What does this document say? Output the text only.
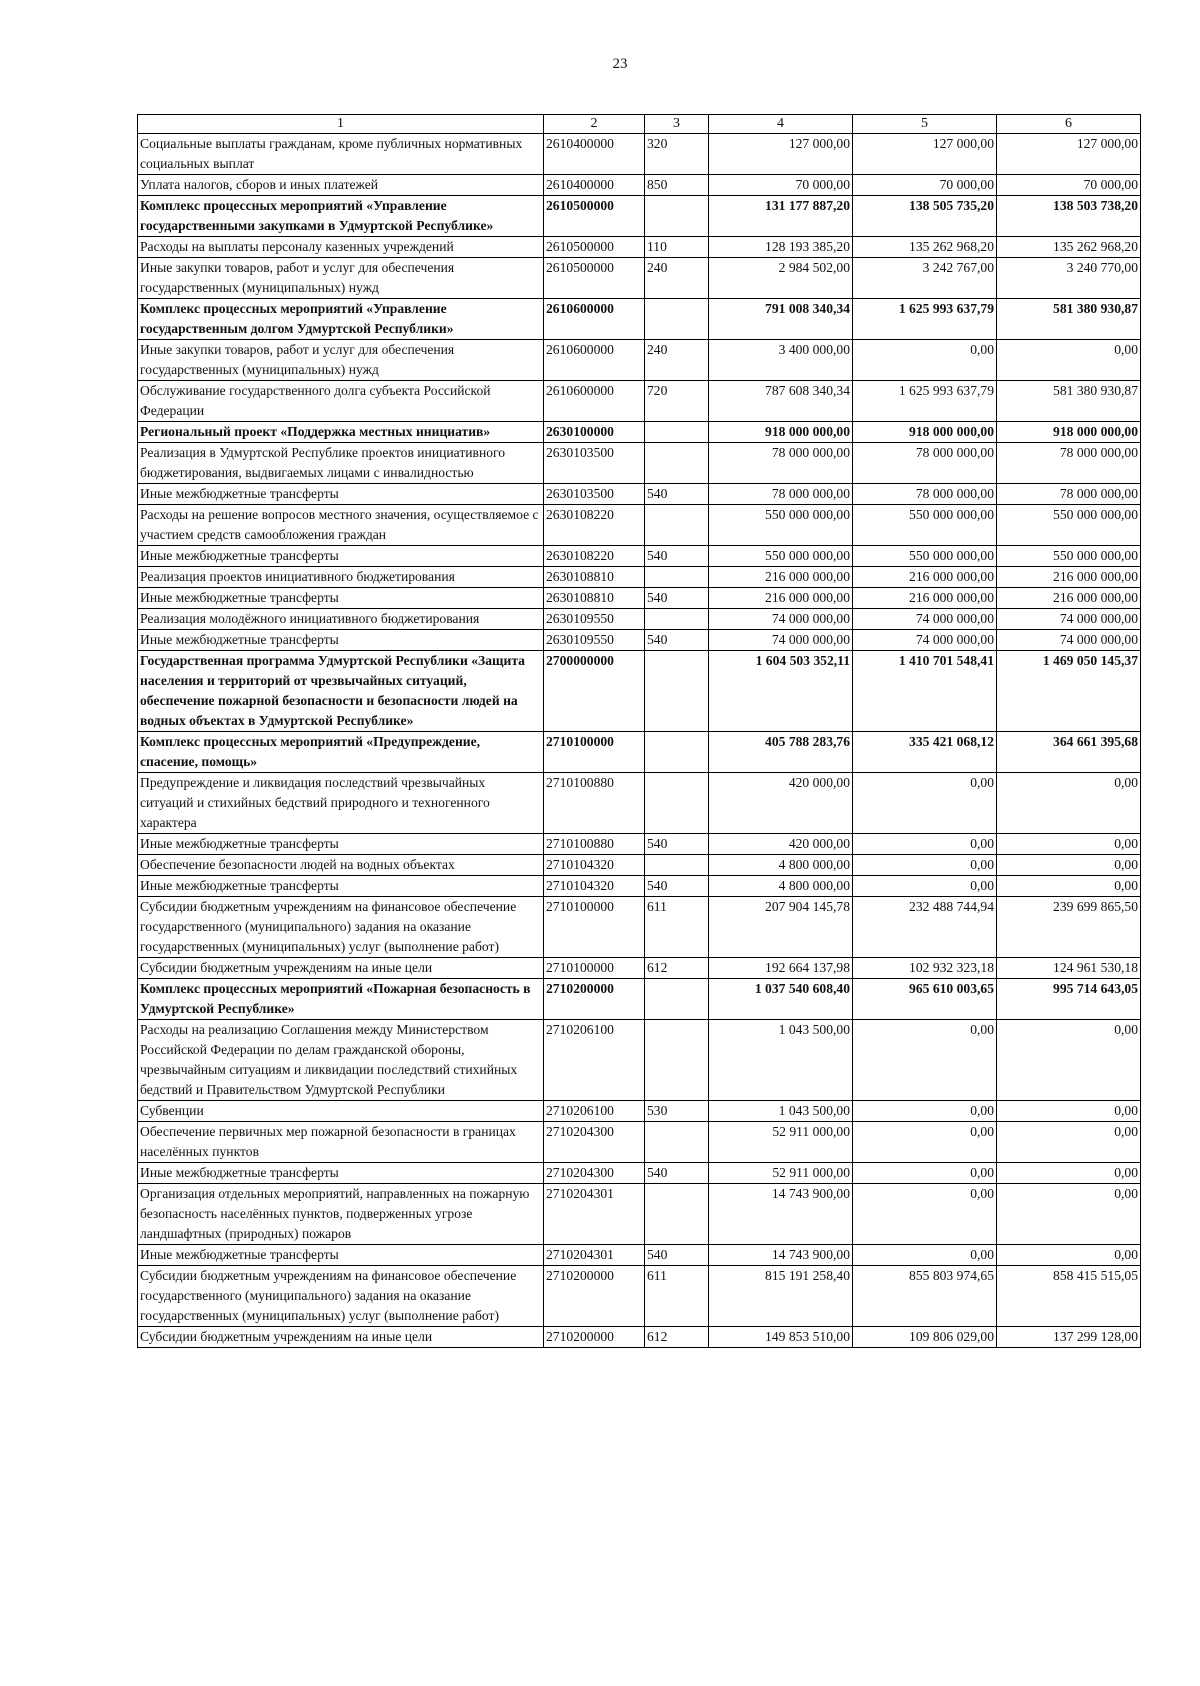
23
1	2	3	4	5	6
Социальные выплаты гражданам, кроме публичных нормативных социальных выплат	2610400000	320	127 000,00	127 000,00	127 000,00
Уплата налогов, сборов и иных платежей	2610400000	850	70 000,00	70 000,00	70 000,00
Комплекс процессных мероприятий «Управление государственными закупками в Удмуртской Республике»	2610500000		131 177 887,20	138 505 735,20	138 503 738,20
Расходы на выплаты персоналу казенных учреждений	2610500000	110	128 193 385,20	135 262 968,20	135 262 968,20
Иные закупки товаров, работ и услуг для обеспечения государственных (муниципальных) нужд	2610500000	240	2 984 502,00	3 242 767,00	3 240 770,00
Комплекс процессных мероприятий «Управление государственным долгом Удмуртской Республики»	2610600000		791 008 340,34	1 625 993 637,79	581 380 930,87
Иные закупки товаров, работ и услуг для обеспечения государственных (муниципальных) нужд	2610600000	240	3 400 000,00	0,00	0,00
Обслуживание государственного долга субъекта Российской Федерации	2610600000	720	787 608 340,34	1 625 993 637,79	581 380 930,87
Региональный проект «Поддержка местных инициатив»	2630100000		918 000 000,00	918 000 000,00	918 000 000,00
Реализация в Удмуртской Республике проектов инициативного бюджетирования, выдвигаемых лицами с инвалидностью	2630103500		78 000 000,00	78 000 000,00	78 000 000,00
Иные межбюджетные трансферты	2630103500	540	78 000 000,00	78 000 000,00	78 000 000,00
Расходы на решение вопросов местного значения, осуществляемое с участием средств самообложения граждан	2630108220		550 000 000,00	550 000 000,00	550 000 000,00
Иные межбюджетные трансферты	2630108220	540	550 000 000,00	550 000 000,00	550 000 000,00
Реализация проектов инициативного бюджетирования	2630108810		216 000 000,00	216 000 000,00	216 000 000,00
Иные межбюджетные трансферты	2630108810	540	216 000 000,00	216 000 000,00	216 000 000,00
Реализация молодёжного инициативного бюджетирования	2630109550		74 000 000,00	74 000 000,00	74 000 000,00
Иные межбюджетные трансферты	2630109550	540	74 000 000,00	74 000 000,00	74 000 000,00
Государственная программа Удмуртской Республики «Защита населения и территорий от чрезвычайных ситуаций, обеспечение пожарной безопасности и безопасности людей на водных объектах в Удмуртской Республике»	2700000000		1 604 503 352,11	1 410 701 548,41	1 469 050 145,37
Комплекс процессных мероприятий «Предупреждение, спасение, помощь»	2710100000		405 788 283,76	335 421 068,12	364 661 395,68
Предупреждение и ликвидация последствий чрезвычайных ситуаций и стихийных бедствий природного и техногенного характера	2710100880		420 000,00	0,00	0,00
Иные межбюджетные трансферты	2710100880	540	420 000,00	0,00	0,00
Обеспечение безопасности людей на водных объектах	2710104320		4 800 000,00	0,00	0,00
Иные межбюджетные трансферты	2710104320	540	4 800 000,00	0,00	0,00
Субсидии бюджетным учреждениям на финансовое обеспечение государственного (муниципального) задания на оказание государственных (муниципальных) услуг (выполнение работ)	2710100000	611	207 904 145,78	232 488 744,94	239 699 865,50
Субсидии бюджетным учреждениям на иные цели	2710100000	612	192 664 137,98	102 932 323,18	124 961 530,18
Комплекс процессных мероприятий «Пожарная безопасность в Удмуртской Республике»	2710200000		1 037 540 608,40	965 610 003,65	995 714 643,05
Расходы на реализацию Соглашения между Министерством Российской Федерации по делам гражданской обороны, чрезвычайным ситуациям и ликвидации последствий стихийных бедствий и Правительством Удмуртской Республики	2710206100		1 043 500,00	0,00	0,00
Субвенции	2710206100	530	1 043 500,00	0,00	0,00
Обеспечение первичных мер пожарной безопасности в границах населённых пунктов	2710204300		52 911 000,00	0,00	0,00
Иные межбюджетные трансферты	2710204300	540	52 911 000,00	0,00	0,00
Организация отдельных мероприятий, направленных на пожарную безопасность населённых пунктов, подверженных угрозе ландшафтных (природных) пожаров	2710204301		14 743 900,00	0,00	0,00
Иные межбюджетные трансферты	2710204301	540	14 743 900,00	0,00	0,00
Субсидии бюджетным учреждениям на финансовое обеспечение государственного (муниципального) задания на оказание государственных (муниципальных) услуг (выполнение работ)	2710200000	611	815 191 258,40	855 803 974,65	858 415 515,05
Субсидии бюджетным учреждениям на иные цели	2710200000	612	149 853 510,00	109 806 029,00	137 299 128,00
